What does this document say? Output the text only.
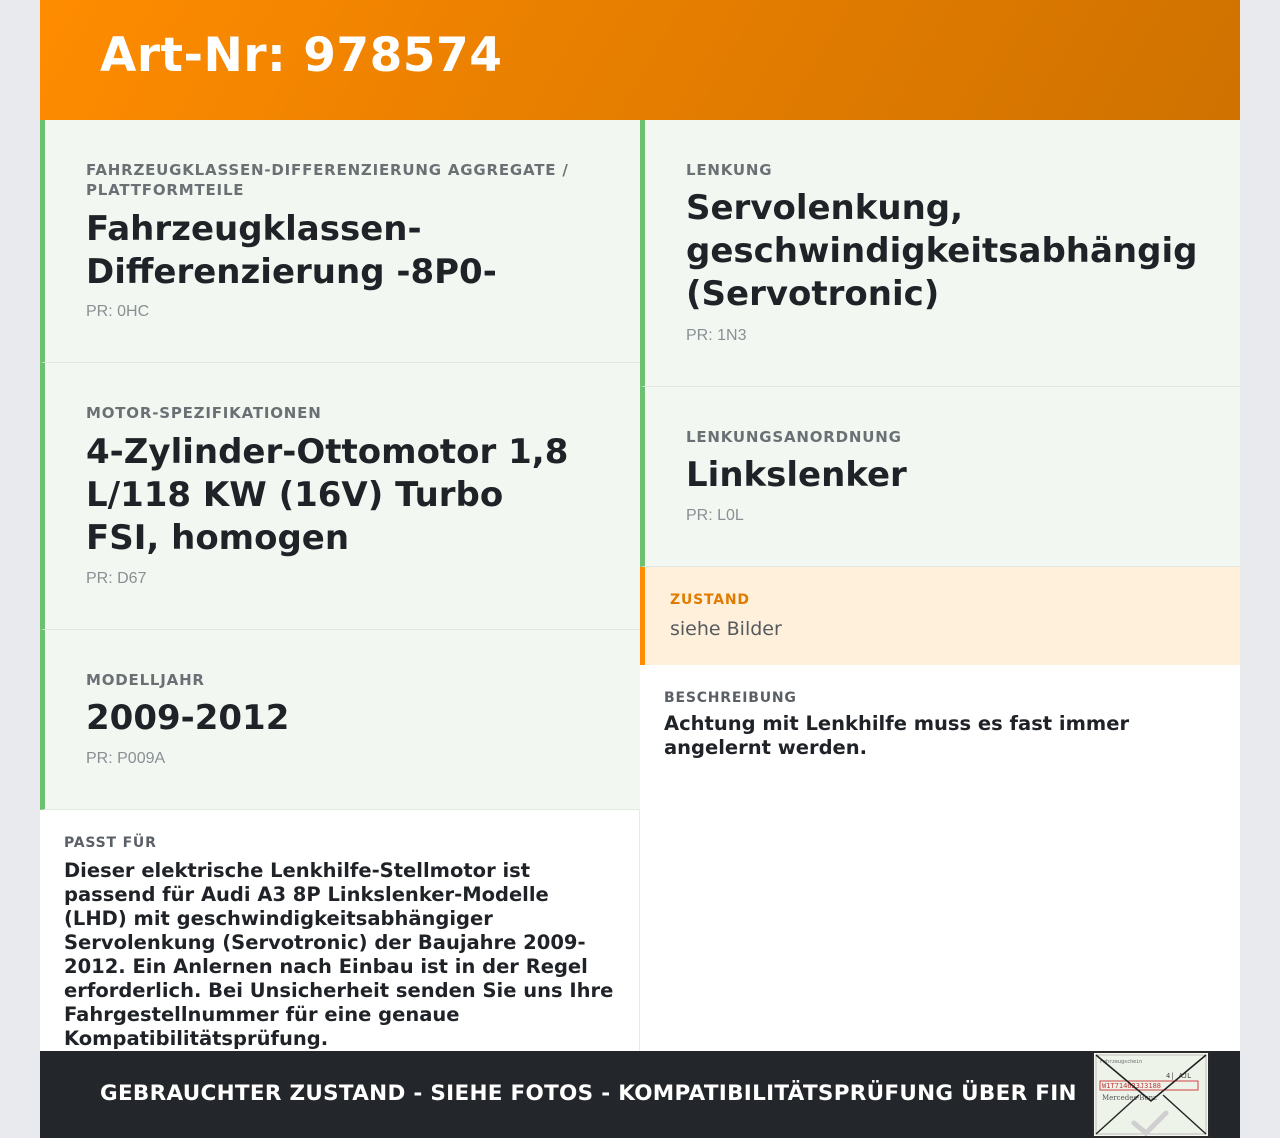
Art-Nr: 978574
FAHRZEUGKLASSEN-DIFFERENZIERUNG AGGREGATE / PLATTFORMTEILE
Fahrzeugklassen-Differenzierung -8P0-
PR: 0HC
MOTOR-SPEZIFIKATIONEN
4-Zylinder-Ottomotor 1,8 L/118 KW (16V) Turbo FSI, homogen
PR: D67
MODELLJAHR
2009-2012
PR: P009A
PASST FÜR
Dieser elektrische Lenkhilfe-Stellmotor ist passend für Audi A3 8P Linkslenker-Modelle (LHD) mit geschwindigkeitsabhängiger Servolenkung (Servotronic) der Baujahre 2009-2012. Ein Anlernen nach Einbau ist in der Regel erforderlich. Bei Unsicherheit senden Sie uns Ihre Fahrgestellnummer für eine genaue Kompatibilitätsprüfung.
LENKUNG
Servolenkung, geschwindigkeitsabhängig (Servotronic)
PR: 1N3
LENKUNGSANORDNUNG
Linkslenker
PR: L0L
ZUSTAND
siehe Bilder
BESCHREIBUNG
Achtung mit Lenkhilfe muss es fast immer angelernt werden.
GEBRAUCHTER ZUSTAND - SIEHE FOTOS - KOMPATIBILITÄTSPRÜFUNG ÜBER FIN
Fahrzeugschein
4| AJL
W1T714623J3188
Mercedes-Benz
